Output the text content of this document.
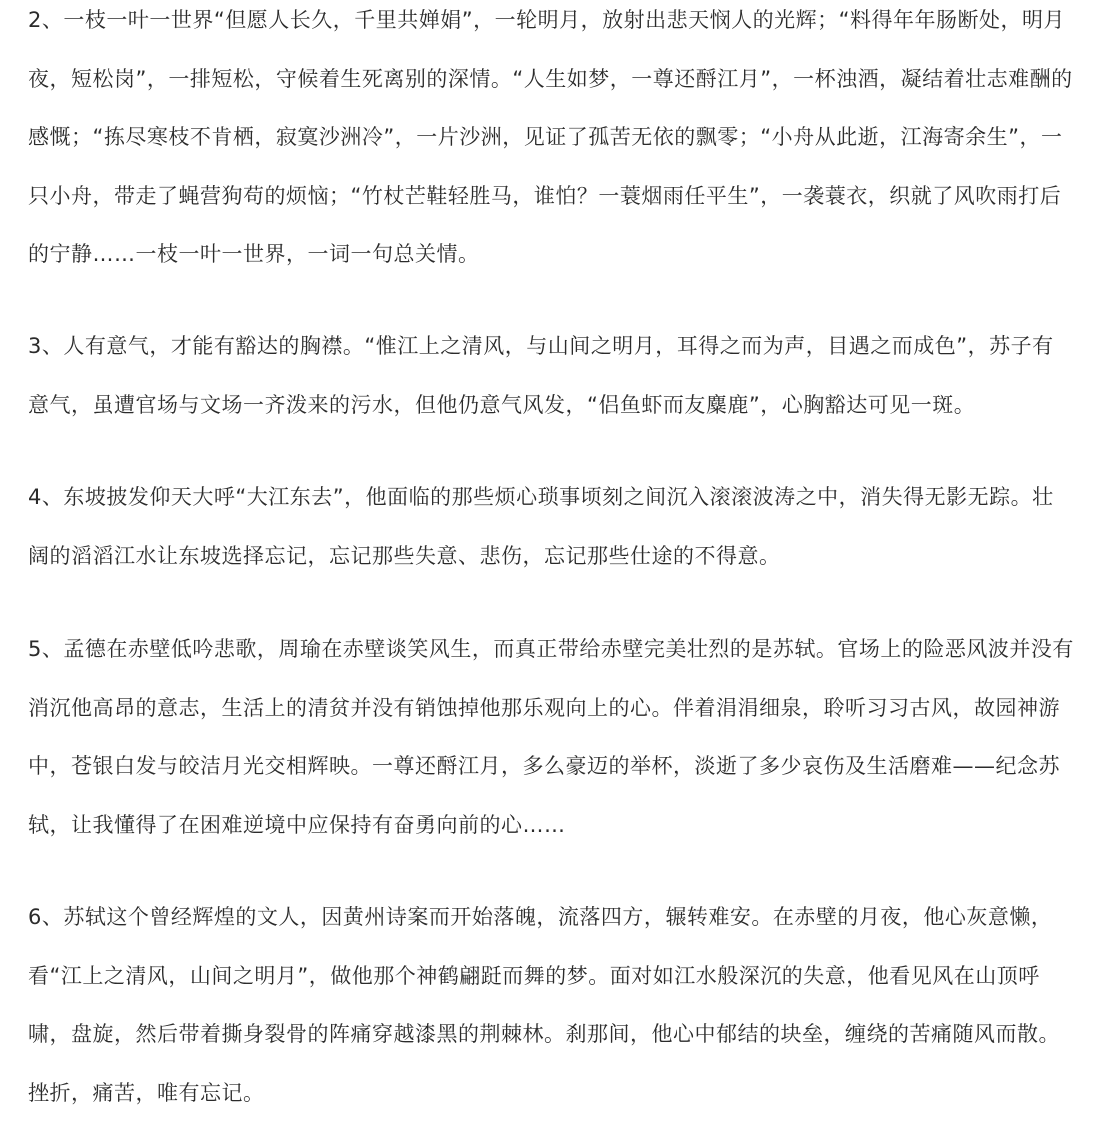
2、一枝一叶一世界“但愿人长久，千里共婵娟”，一轮明月，放射出悲天悯人的光辉；“料得年年肠断处，明月夜，短松岗”，一排短松，守候着生死离别的深情。“人生如梦，一尊还酹江月”，一杯浊酒，凝结着壮志难酬的感慨；“拣尽寒枝不肯栖，寂寞沙洲冷”，一片沙洲，见证了孤苦无依的飘零；“小舟从此逝，江海寄余生”，一只小舟，带走了蝇营狗苟的烦恼；“竹杖芒鞋轻胜马，谁怕？一蓑烟雨任平生”，一袭蓑衣，织就了风吹雨打后的宁静……一枝一叶一世界，一词一句总关情。

3、人有意气，才能有豁达的胸襟。“惟江上之清风，与山间之明月，耳得之而为声，目遇之而成色”，苏子有意气，虽遭官场与文场一齐泼来的污水，但他仍意气风发，“侣鱼虾而友麋鹿”，心胸豁达可见一斑。

4、东坡披发仰天大呼“大江东去”，他面临的那些烦心琐事顷刻之间沉入滚滚波涛之中，消失得无影无踪。壮阔的滔滔江水让东坡选择忘记，忘记那些失意、悲伤，忘记那些仕途的不得意。

5、孟德在赤壁低吟悲歌，周瑜在赤壁谈笑风生，而真正带给赤壁完美壮烈的是苏轼。官场上的险恶风波并没有消沉他高昂的意志，生活上的清贫并没有销蚀掉他那乐观向上的心。伴着涓涓细泉，聆听习习古风，故园神游中，苍银白发与皎洁月光交相辉映。一尊还酹江月，多么豪迈的举杯，淡逝了多少哀伤及生活磨难——纪念苏轼，让我懂得了在困难逆境中应保持有奋勇向前的心……

6、苏轼这个曾经辉煌的文人，因黄州诗案而开始落魄，流落四方，辗转难安。在赤壁的月夜，他心灰意懒，看“江上之清风，山间之明月”，做他那个神鹤翩跹而舞的梦。面对如江水般深沉的失意，他看见风在山顶呼啸，盘旋，然后带着撕身裂骨的阵痛穿越漆黑的荆棘林。刹那间，他心中郁结的块垒，缠绕的苦痛随风而散。挫折，痛苦，唯有忘记。
